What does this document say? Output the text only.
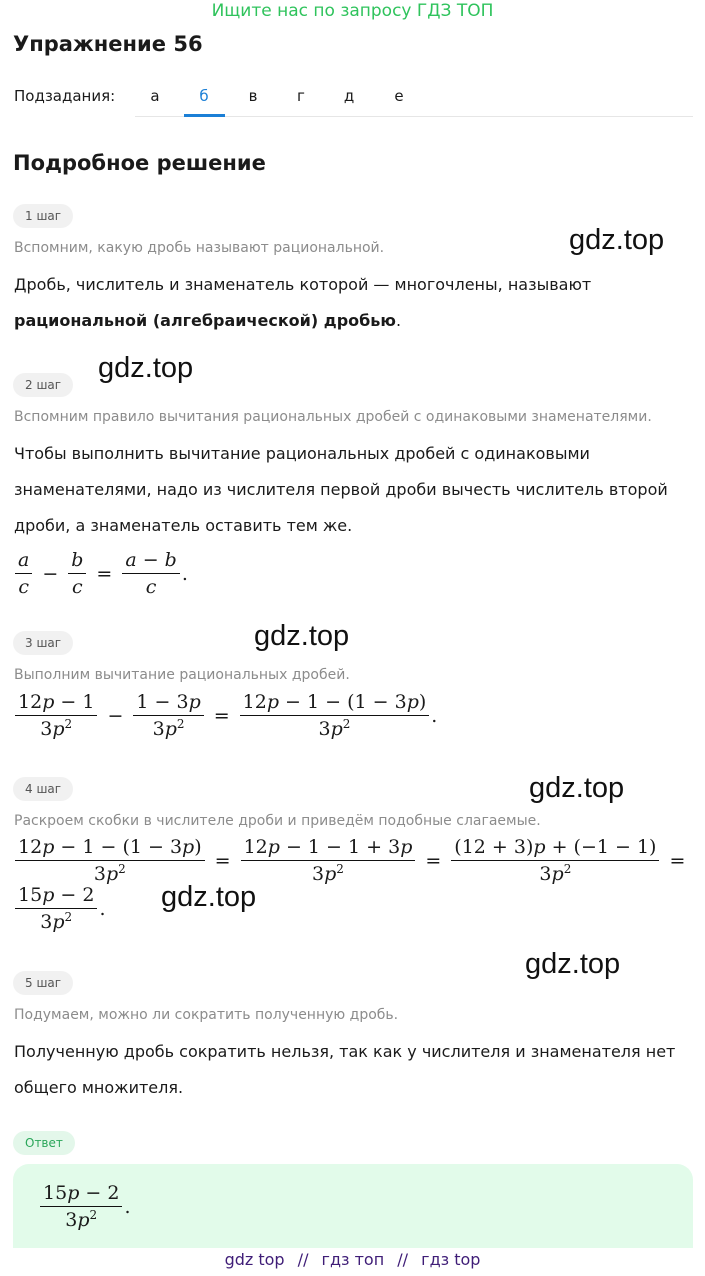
Ищите нас по запросу ГДЗ ТОП
Упражнение 56
Подзадания:	а	б	в	г	д	е
Подробное решение
1 шаг
Вспомним, какую дробь называют рациональной.	gdz.top
Дробь, числитель и знаменатель которой — многочлены, называют
рациональной (алгебраической) дробью.
2 шаг
gdz.top
Вспомним правило вычитания рациональных дробей с одинаковыми знаменателями.
Чтобы выполнить вычитание рациональных дробей с одинаковыми
знаменателями, надо из числителя первой дроби вычесть числитель второй
дроби, а знаменатель оставить тем же.
$\frac{a}{c} - \frac{b}{c} = \frac{a - b}{c}$ .
3 шаг	gdz.top
Выполним вычитание рациональных дробей.
$\frac{12p - 1}{3p^2} - \frac{1 - 3p}{3p^2} = \frac{12p - 1 - (1 - 3p)}{3p^2}$ .
4 шаг	gdz.top
Раскроем скобки в числителе дроби и приведём подобные слагаемые.
$\frac{12p - 1 - (1 - 3p)}{3p^2} = \frac{12p - 1 - 1 + 3p}{3p^2} = \frac{(12 + 3)p + (-1 - 1)}{3p^2}$ =
$\frac{15p - 2}{3p^2}$ . gdz.top
5 шаг
gdz.top
Подумаем, можно ли сократить полученную дробь.
Полученную дробь сократить нельзя, так как у числителя и знаменателя нет
общего множителя.
Ответ
$\frac{15p - 2}{3p^2}$ .
gdz top // гдз топ // гдз top
